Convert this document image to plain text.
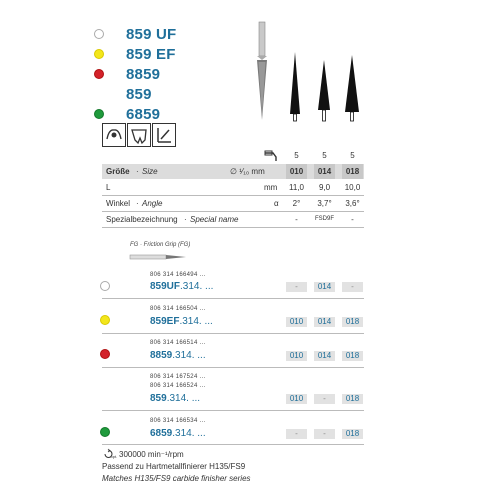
859 UF
859 EF
8859
859
6859
5	5	5
Größe · Size	∅ ¹⁄₁₀ mm	010	014	018
L	mm	11,0	9,0	10,0
Winkel · Angle	α	2°	3,7°	3,6°
Spezialbezeichnung · Special name	-	FSD9F	-
FG · Friction Grip (FG)
806 314 166494 ...
859UF.314. ...	-	014	-
806 314 166504 ...
859EF.314. ...	010	014	018
806 314 166514 ...
8859.314. ...	010	014	018
806 314 167524 ...
806 314 166524 ...
859.314. ...	010	-	018
806 314 166534 ...
6859.314. ...	-	-	018
opt. 300000 min⁻¹/rpm
Passend zu Hartmetallfinierer H135/FS9
Matches H135/FS9 carbide finisher series
